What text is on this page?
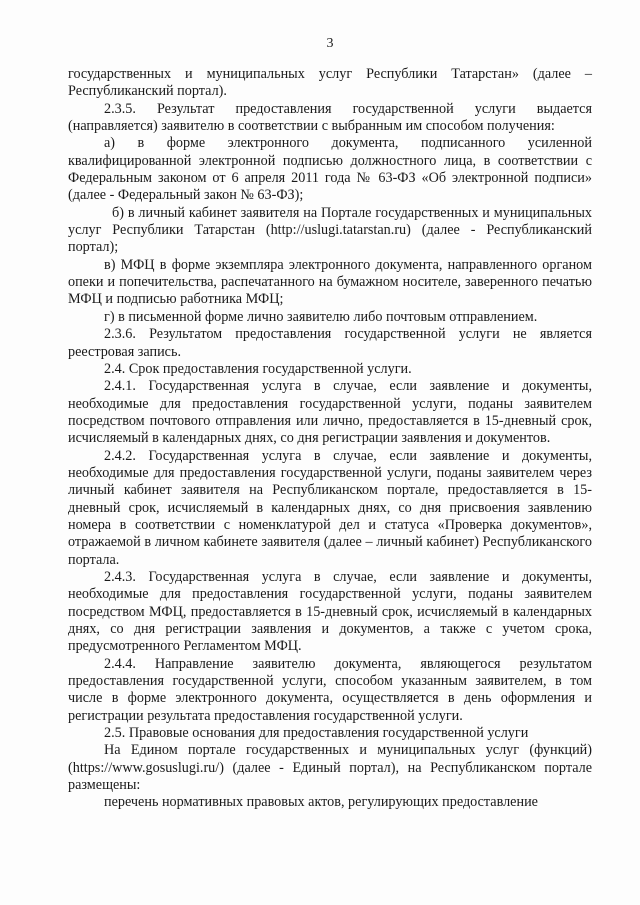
3

государственных и муниципальных услуг Республики Татарстан» (далее – Республиканский портал).

2.3.5. Результат предоставления государственной услуги выдается (направляется) заявителю в соответствии с выбранным им способом получения:

а) в форме электронного документа, подписанного усиленной квалифицированной электронной подписью должностного лица, в соответствии с Федеральным законом от 6 апреля 2011 года № 63-ФЗ «Об электронной подписи» (далее - Федеральный закон № 63-ФЗ);

б) в личный кабинет заявителя на Портале государственных и муниципальных услуг Республики Татарстан (http://uslugi.tatarstan.ru) (далее - Республиканский портал);

в) МФЦ в форме экземпляра электронного документа, направленного органом опеки и попечительства, распечатанного на бумажном носителе, заверенного печатью МФЦ и подписью работника МФЦ;

г) в письменной форме лично заявителю либо почтовым отправлением.

2.3.6. Результатом предоставления государственной услуги не является реестровая запись.

2.4. Срок предоставления государственной услуги.

2.4.1. Государственная услуга в случае, если заявление и документы, необходимые для предоставления государственной услуги, поданы заявителем посредством почтового отправления или лично, предоставляется в 15-дневный срок, исчисляемый в календарных днях, со дня регистрации заявления и документов.

2.4.2. Государственная услуга в случае, если заявление и документы, необходимые для предоставления государственной услуги, поданы заявителем через личный кабинет заявителя на Республиканском портале, предоставляется в 15-дневный срок, исчисляемый в календарных днях, со дня присвоения заявлению номера в соответствии с номенклатурой дел и статуса «Проверка документов», отражаемой в личном кабинете заявителя (далее – личный кабинет) Республиканского портала.

2.4.3. Государственная услуга в случае, если заявление и документы, необходимые для предоставления государственной услуги, поданы заявителем посредством МФЦ, предоставляется в 15-дневный срок, исчисляемый в календарных днях, со дня регистрации заявления и документов, а также с учетом срока, предусмотренного Регламентом МФЦ.

2.4.4. Направление заявителю документа, являющегося результатом предоставления государственной услуги, способом указанным заявителем, в том числе в форме электронного документа, осуществляется в день оформления и регистрации результата предоставления государственной услуги.

2.5. Правовые основания для предоставления государственной услуги

На Едином портале государственных и муниципальных услуг (функций) (https://www.gosuslugi.ru/) (далее - Единый портал), на Республиканском портале размещены:

перечень нормативных правовых актов, регулирующих предоставление
